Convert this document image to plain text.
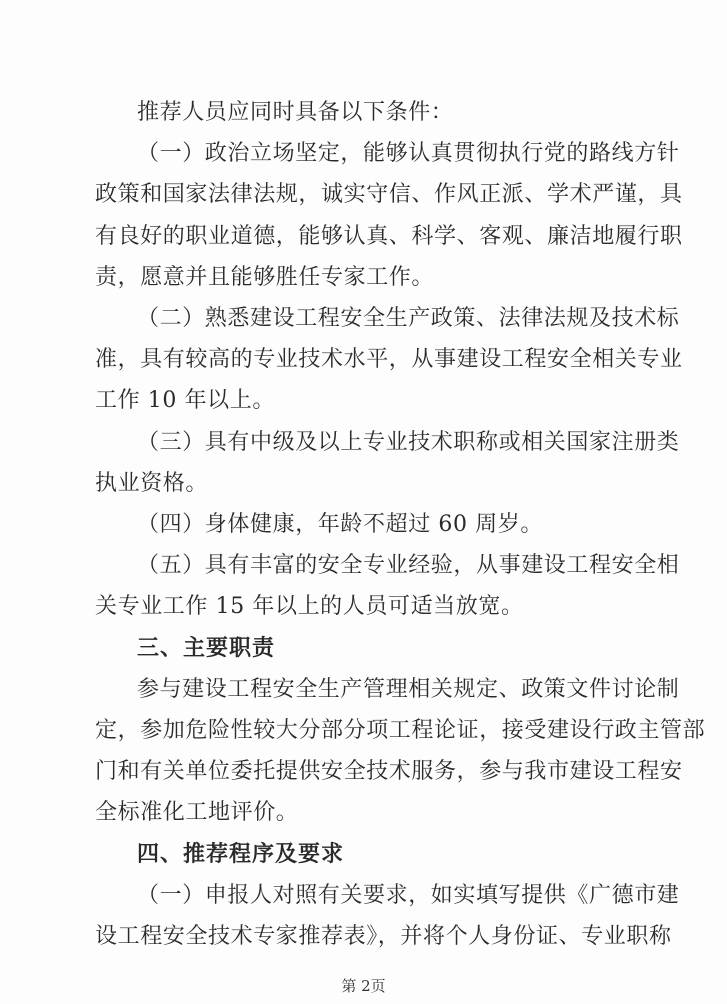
推荐人员应同时具备以下条件：
（一）政治立场坚定，能够认真贯彻执行党的路线方针
政策和国家法律法规，诚实守信、作风正派、学术严谨，具
有良好的职业道德，能够认真、科学、客观、廉洁地履行职
责，愿意并且能够胜任专家工作。
（二）熟悉建设工程安全生产政策、法律法规及技术标
准，具有较高的专业技术水平，从事建设工程安全相关专业
工作 10 年以上。
（三）具有中级及以上专业技术职称或相关国家注册类
执业资格。
（四）身体健康，年龄不超过 60 周岁。
（五）具有丰富的安全专业经验，从事建设工程安全相
关专业工作 15 年以上的人员可适当放宽。
三、主要职责
参与建设工程安全生产管理相关规定、政策文件讨论制
定，参加危险性较大分部分项工程论证，接受建设行政主管部
门和有关单位委托提供安全技术服务，参与我市建设工程安
全标准化工地评价。
四、推荐程序及要求
（一）申报人对照有关要求，如实填写提供《广德市建
设工程安全技术专家推荐表》，并将个人身份证、专业职称
第 2页
